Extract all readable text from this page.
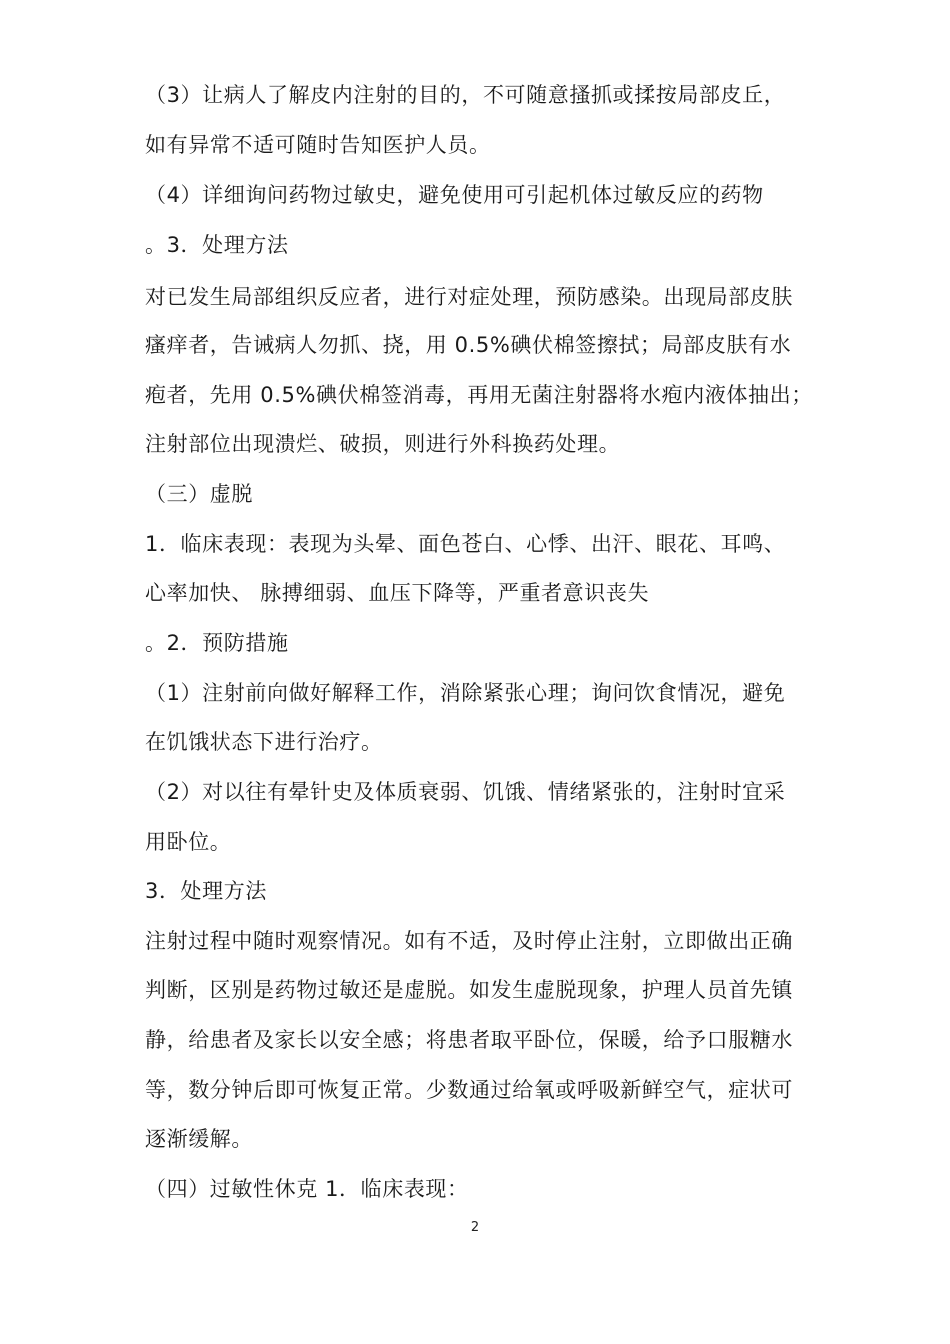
（3）让病人了解皮内注射的目的，不可随意搔抓或揉按局部皮丘，
如有异常不适可随时告知医护人员。
（4）详细询问药物过敏史，避免使用可引起机体过敏反应的药物
。3．处理方法
对已发生局部组织反应者，进行对症处理，预防感染。出现局部皮肤
瘙痒者，告诫病人勿抓、挠，用 0.5%碘伏棉签擦拭；局部皮肤有水
疱者，先用 0.5%碘伏棉签消毒，再用无菌注射器将水疱内液体抽出；
注射部位出现溃烂、破损，则进行外科换药处理。
（三）虚脱
1．临床表现：表现为头晕、面色苍白、心悸、出汗、眼花、耳鸣、
心率加快、 脉搏细弱、血压下降等，严重者意识丧失
。2．预防措施
（1）注射前向做好解释工作，消除紧张心理；询问饮食情况，避免
在饥饿状态下进行治疗。
（2）对以往有晕针史及体质衰弱、饥饿、情绪紧张的，注射时宜采
用卧位。
3．处理方法
注射过程中随时观察情况。如有不适，及时停止注射，立即做出正确
判断，区别是药物过敏还是虚脱。如发生虚脱现象，护理人员首先镇
静，给患者及家长以安全感；将患者取平卧位，保暖，给予口服糖水
等，数分钟后即可恢复正常。少数通过给氧或呼吸新鲜空气，症状可
逐渐缓解。
（四）过敏性休克 1．临床表现：
2
